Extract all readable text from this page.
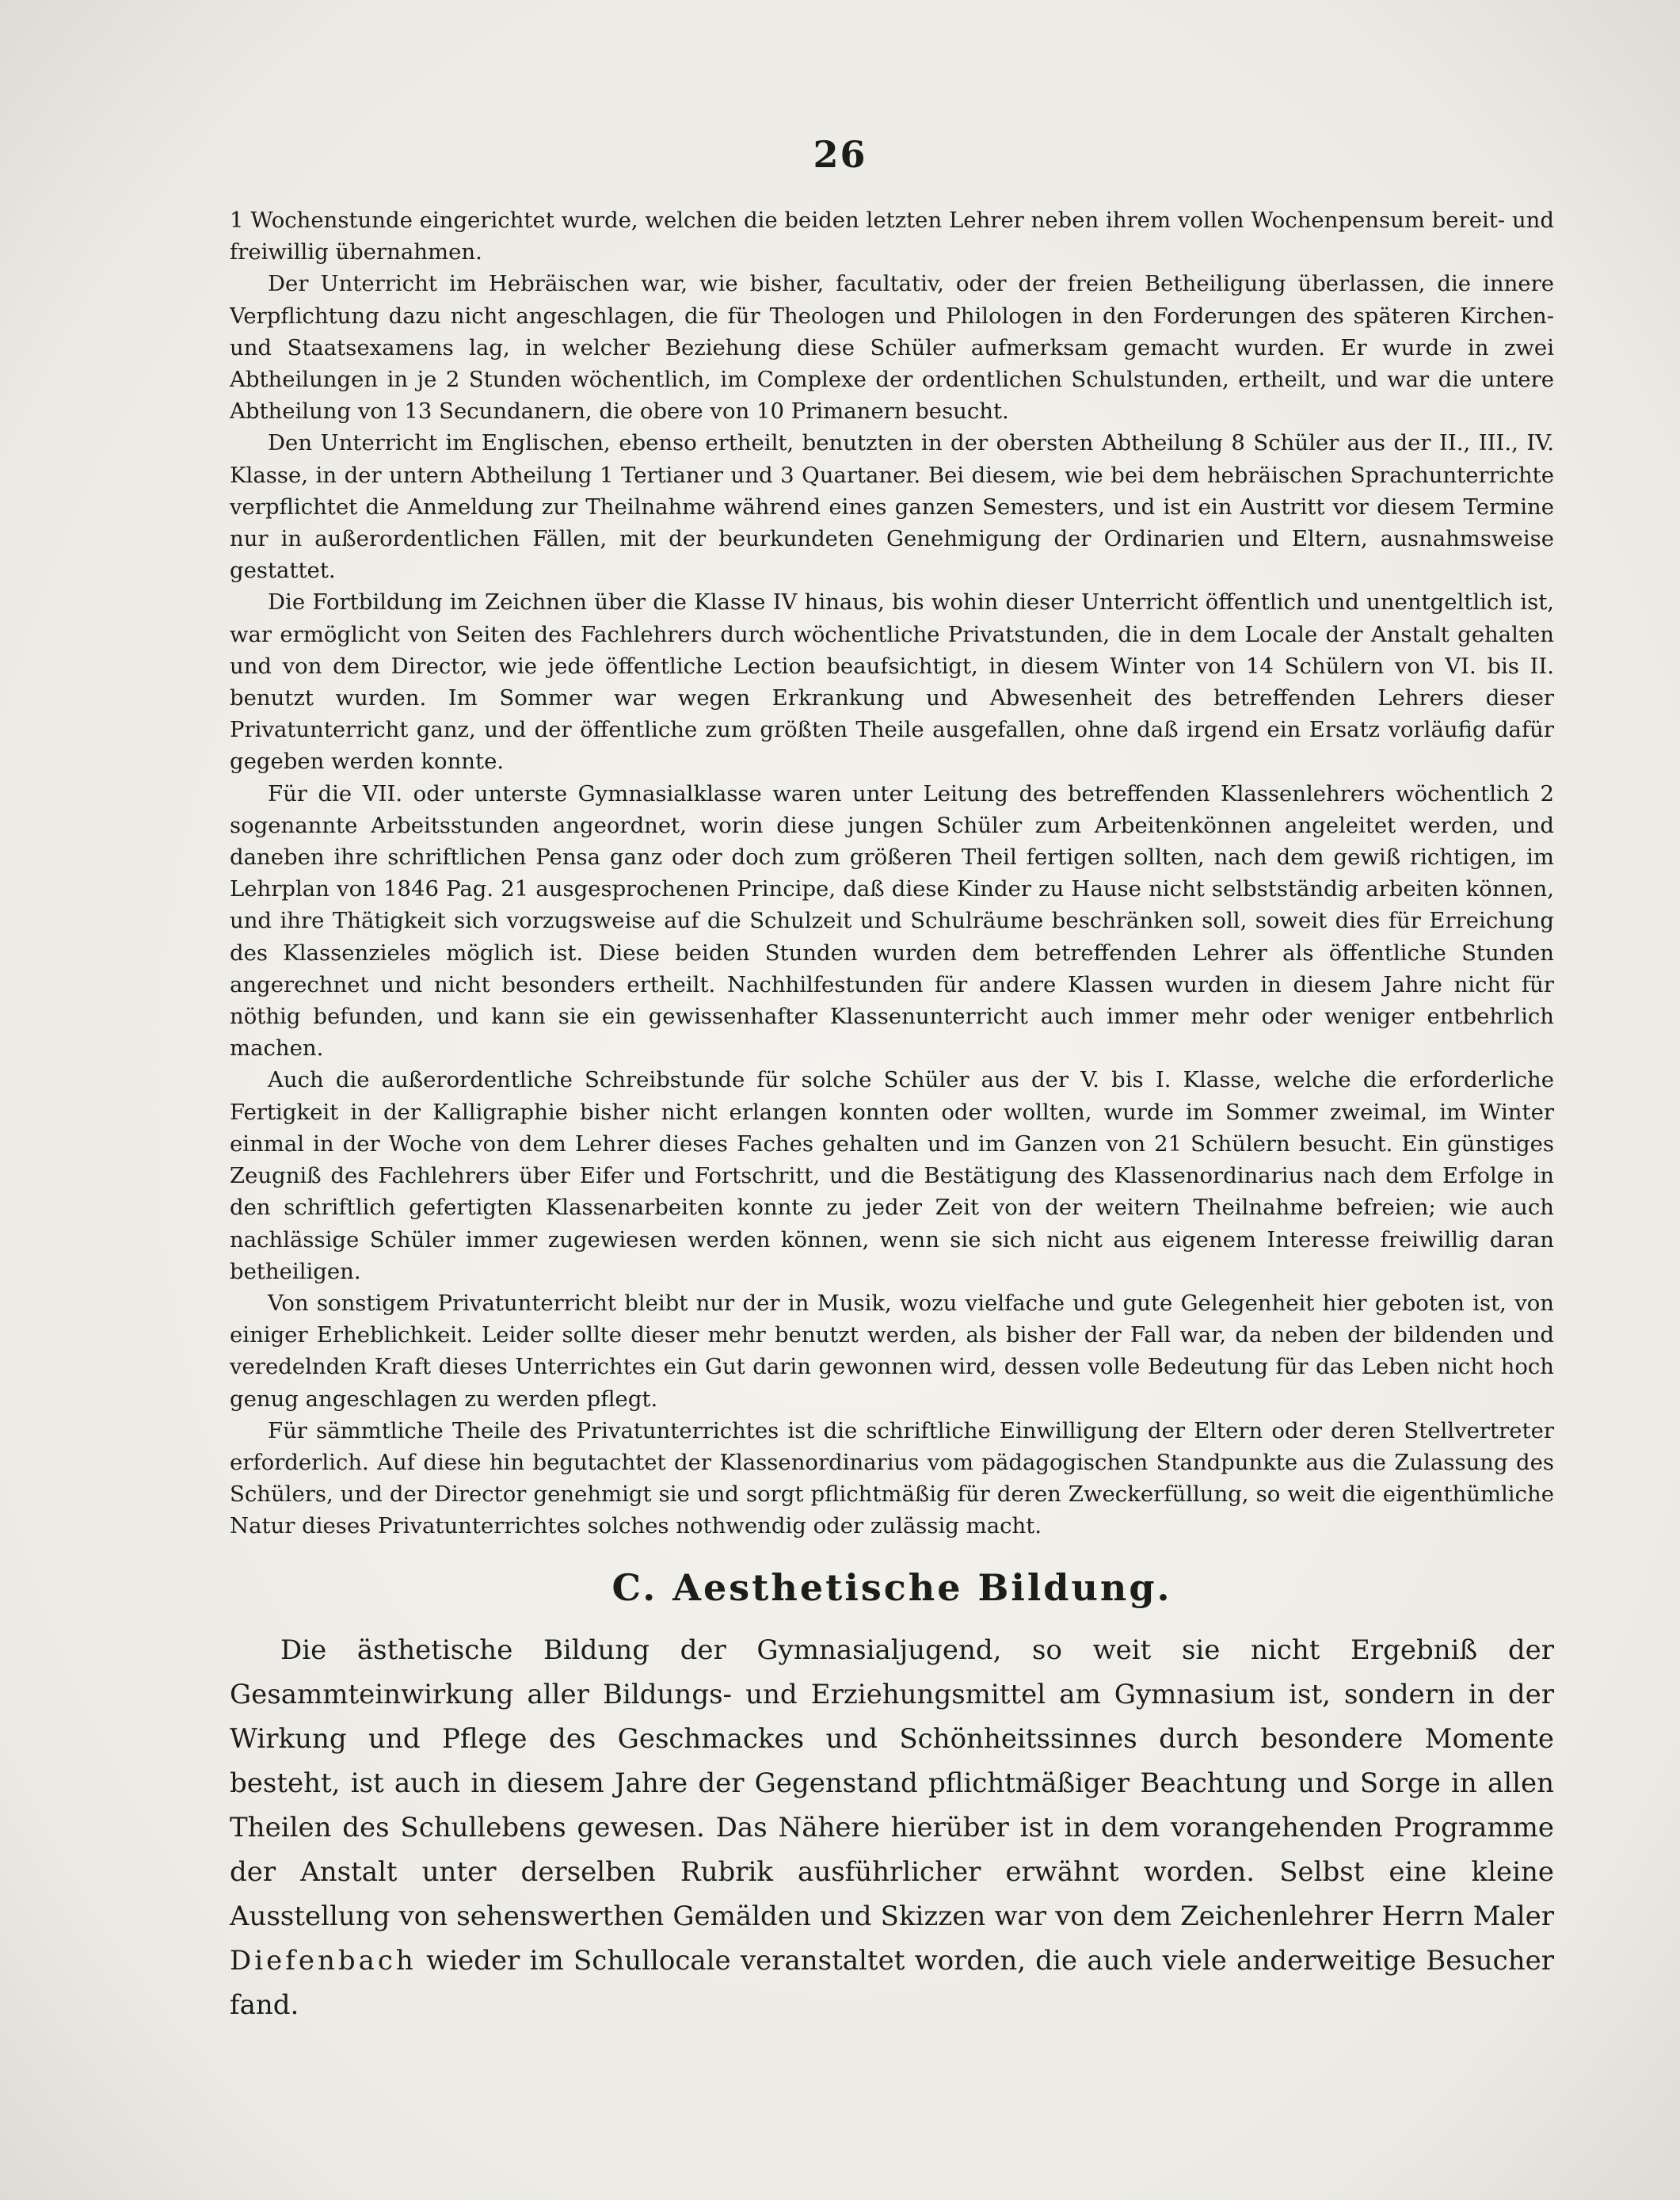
26

1 Wochenstunde eingerichtet wurde, welchen die beiden letzten Lehrer neben ihrem vollen Wochenpensum bereit- und freiwillig übernahmen.

Der Unterricht im Hebräischen war, wie bisher, facultativ, oder der freien Betheiligung überlassen, die innere Verpflichtung dazu nicht angeschlagen, die für Theologen und Philologen in den Forderungen des späteren Kirchen- und Staatsexamens lag, in welcher Beziehung diese Schüler aufmerksam gemacht wurden. Er wurde in zwei Abtheilungen in je 2 Stunden wöchentlich, im Complexe der ordentlichen Schulstunden, ertheilt, und war die untere Abtheilung von 13 Secundanern, die obere von 10 Primanern besucht.

Den Unterricht im Englischen, ebenso ertheilt, benutzten in der obersten Abtheilung 8 Schüler aus der II., III., IV. Klasse, in der untern Abtheilung 1 Tertianer und 3 Quartaner. Bei diesem, wie bei dem hebräischen Sprachunterrichte verpflichtet die Anmeldung zur Theilnahme während eines ganzen Semesters, und ist ein Austritt vor diesem Termine nur in außerordentlichen Fällen, mit der beurkundeten Genehmigung der Ordinarien und Eltern, ausnahmsweise gestattet.

Die Fortbildung im Zeichnen über die Klasse IV hinaus, bis wohin dieser Unterricht öffentlich und unentgeltlich ist, war ermöglicht von Seiten des Fachlehrers durch wöchentliche Privatstunden, die in dem Locale der Anstalt gehalten und von dem Director, wie jede öffentliche Lection beaufsichtigt, in diesem Winter von 14 Schülern von VI. bis II. benutzt wurden. Im Sommer war wegen Erkrankung und Abwesenheit des betreffenden Lehrers dieser Privatunterricht ganz, und der öffentliche zum größten Theile ausgefallen, ohne daß irgend ein Ersatz vorläufig dafür gegeben werden konnte.

Für die VII. oder unterste Gymnasialklasse waren unter Leitung des betreffenden Klassenlehrers wöchentlich 2 sogenannte Arbeitsstunden angeordnet, worin diese jungen Schüler zum Arbeitenkönnen angeleitet werden, und daneben ihre schriftlichen Pensa ganz oder doch zum größeren Theil fertigen sollten, nach dem gewiß richtigen, im Lehrplan von 1846 Pag. 21 ausgesprochenen Principe, daß diese Kinder zu Hause nicht selbstständig arbeiten können, und ihre Thätigkeit sich vorzugsweise auf die Schulzeit und Schulräume beschränken soll, soweit dies für Erreichung des Klassenzieles möglich ist. Diese beiden Stunden wurden dem betreffenden Lehrer als öffentliche Stunden angerechnet und nicht besonders ertheilt. Nachhilfestunden für andere Klassen wurden in diesem Jahre nicht für nöthig befunden, und kann sie ein gewissenhafter Klassenunterricht auch immer mehr oder weniger entbehrlich machen.

Auch die außerordentliche Schreibstunde für solche Schüler aus der V. bis I. Klasse, welche die erforderliche Fertigkeit in der Kalligraphie bisher nicht erlangen konnten oder wollten, wurde im Sommer zweimal, im Winter einmal in der Woche von dem Lehrer dieses Faches gehalten und im Ganzen von 21 Schülern besucht. Ein günstiges Zeugniß des Fachlehrers über Eifer und Fortschritt, und die Bestätigung des Klassenordinarius nach dem Erfolge in den schriftlich gefertigten Klassenarbeiten konnte zu jeder Zeit von der weitern Theilnahme befreien; wie auch nachlässige Schüler immer zugewiesen werden können, wenn sie sich nicht aus eigenem Interesse freiwillig daran betheiligen.

Von sonstigem Privatunterricht bleibt nur der in Musik, wozu vielfache und gute Gelegenheit hier geboten ist, von einiger Erheblichkeit. Leider sollte dieser mehr benutzt werden, als bisher der Fall war, da neben der bildenden und veredelnden Kraft dieses Unterrichtes ein Gut darin gewonnen wird, dessen volle Bedeutung für das Leben nicht hoch genug angeschlagen zu werden pflegt.

Für sämmtliche Theile des Privatunterrichtes ist die schriftliche Einwilligung der Eltern oder deren Stellvertreter erforderlich. Auf diese hin begutachtet der Klassenordinarius vom pädagogischen Standpunkte aus die Zulassung des Schülers, und der Director genehmigt sie und sorgt pflichtmäßig für deren Zweckerfüllung, so weit die eigenthümliche Natur dieses Privatunterrichtes solches nothwendig oder zulässig macht.

C. Aesthetische Bildung.

Die ästhetische Bildung der Gymnasialjugend, so weit sie nicht Ergebniß der Gesammteinwirkung aller Bildungs- und Erziehungsmittel am Gymnasium ist, sondern in der Wirkung und Pflege des Geschmackes und Schönheitssinnes durch besondere Momente besteht, ist auch in diesem Jahre der Gegenstand pflichtmäßiger Beachtung und Sorge in allen Theilen des Schullebens gewesen. Das Nähere hierüber ist in dem vorangehenden Programme der Anstalt unter derselben Rubrik ausführlicher erwähnt worden. Selbst eine kleine Ausstellung von sehenswerthen Gemälden und Skizzen war von dem Zeichenlehrer Herrn Maler Diefenbach wieder im Schullocale veranstaltet worden, die auch viele anderweitige Besucher fand.
